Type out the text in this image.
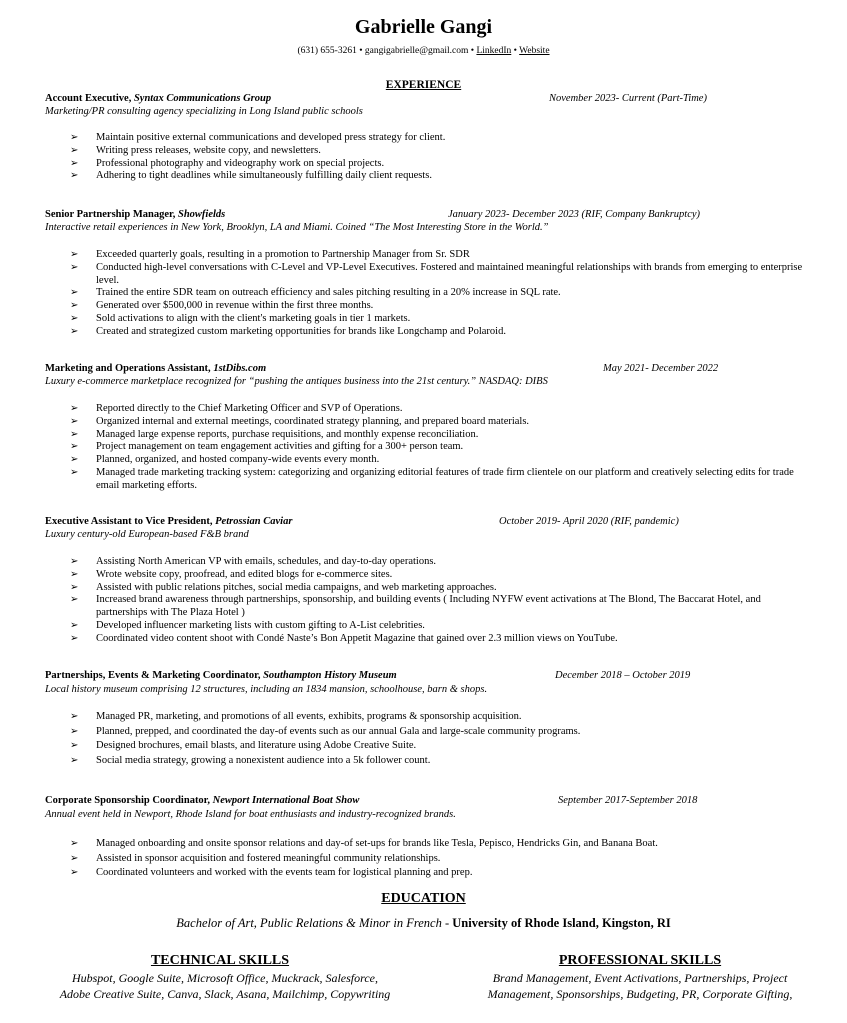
Gabrielle Gangi
(631) 655-3261 • gangigabrielle@gmail.com • LinkedIn • Website
EXPERIENCE
Account Executive, Syntax Communications Group	November 2023- Current (Part-Time)
Marketing/PR consulting agency specializing in Long Island public schools
➢ Maintain positive external communications and developed press strategy for client.
➢ Writing press releases, website copy, and newsletters.
➢ Professional photography and videography work on special projects.
➢ Adhering to tight deadlines while simultaneously fulfilling daily client requests.
Senior Partnership Manager, Showfields	January 2023- December 2023 (RIF, Company Bankruptcy)
Interactive retail experiences in New York, Brooklyn, LA and Miami. Coined “The Most Interesting Store in the World.”
➢ Exceeded quarterly goals, resulting in a promotion to Partnership Manager from Sr. SDR
➢ Conducted high-level conversations with C-Level and VP-Level Executives. Fostered and maintained meaningful relationships with brands from emerging to enterprise level.
➢ Trained the entire SDR team on outreach efficiency and sales pitching resulting in a 20% increase in SQL rate.
➢ Generated over $500,000 in revenue within the first three months.
➢ Sold activations to align with the client's marketing goals in tier 1 markets.
➢ Created and strategized custom marketing opportunities for brands like Longchamp and Polaroid.
Marketing and Operations Assistant, 1stDibs.com	May 2021- December 2022
Luxury e-commerce marketplace recognized for “pushing the antiques business into the 21st century.” NASDAQ: DIBS
➢ Reported directly to the Chief Marketing Officer and SVP of Operations.
➢ Organized internal and external meetings, coordinated strategy planning, and prepared board materials.
➢ Managed large expense reports, purchase requisitions, and monthly expense reconciliation.
➢ Project management on team engagement activities and gifting for a 300+ person team.
➢ Planned, organized, and hosted company-wide events every month.
➢ Managed trade marketing tracking system: categorizing and organizing editorial features of trade firm clientele on our platform and creatively selecting edits for trade email marketing efforts.
Executive Assistant to Vice President, Petrossian Caviar	October 2019- April 2020 (RIF, pandemic)
Luxury century-old European-based F&B brand
➢ Assisting North American VP with emails, schedules, and day-to-day operations.
➢ Wrote website copy, proofread, and edited blogs for e-commerce sites.
➢ Assisted with public relations pitches, social media campaigns, and web marketing approaches.
➢ Increased brand awareness through partnerships, sponsorship, and building events ( Including NYFW event activations at The Blond, The Baccarat Hotel, and partnerships with The Plaza Hotel )
➢ Developed influencer marketing lists with custom gifting to A-List celebrities.
➢ Coordinated video content shoot with Condé Naste’s Bon Appetit Magazine that gained over 2.3 million views on YouTube.
Partnerships, Events & Marketing Coordinator, Southampton History Museum	December 2018 – October 2019
Local history museum comprising 12 structures, including an 1834 mansion, schoolhouse, barn & shops.
➢ Managed PR, marketing, and promotions of all events, exhibits, programs & sponsorship acquisition.
➢ Planned, prepped, and coordinated the day-of events such as our annual Gala and large-scale community programs.
➢ Designed brochures, email blasts, and literature using Adobe Creative Suite.
➢ Social media strategy, growing a nonexistent audience into a 5k follower count.
Corporate Sponsorship Coordinator, Newport International Boat Show	September 2017-September 2018
Annual event held in Newport, Rhode Island for boat enthusiasts and industry-recognized brands.
➢ Managed onboarding and onsite sponsor relations and day-of set-ups for brands like Tesla, Pepisco, Hendricks Gin, and Banana Boat.
➢ Assisted in sponsor acquisition and fostered meaningful community relationships.
➢ Coordinated volunteers and worked with the events team for logistical planning and prep.
EDUCATION
Bachelor of Art, Public Relations & Minor in French - University of Rhode Island, Kingston, RI
TECHNICAL SKILLS
Hubspot, Google Suite, Microsoft Office, Muckrack, Salesforce,
Adobe Creative Suite, Canva, Slack, Asana, Mailchimp, Copywriting
PROFESSIONAL SKILLS
Brand Management, Event Activations, Partnerships, Project
Management, Sponsorships, Budgeting, PR, Corporate Gifting,
